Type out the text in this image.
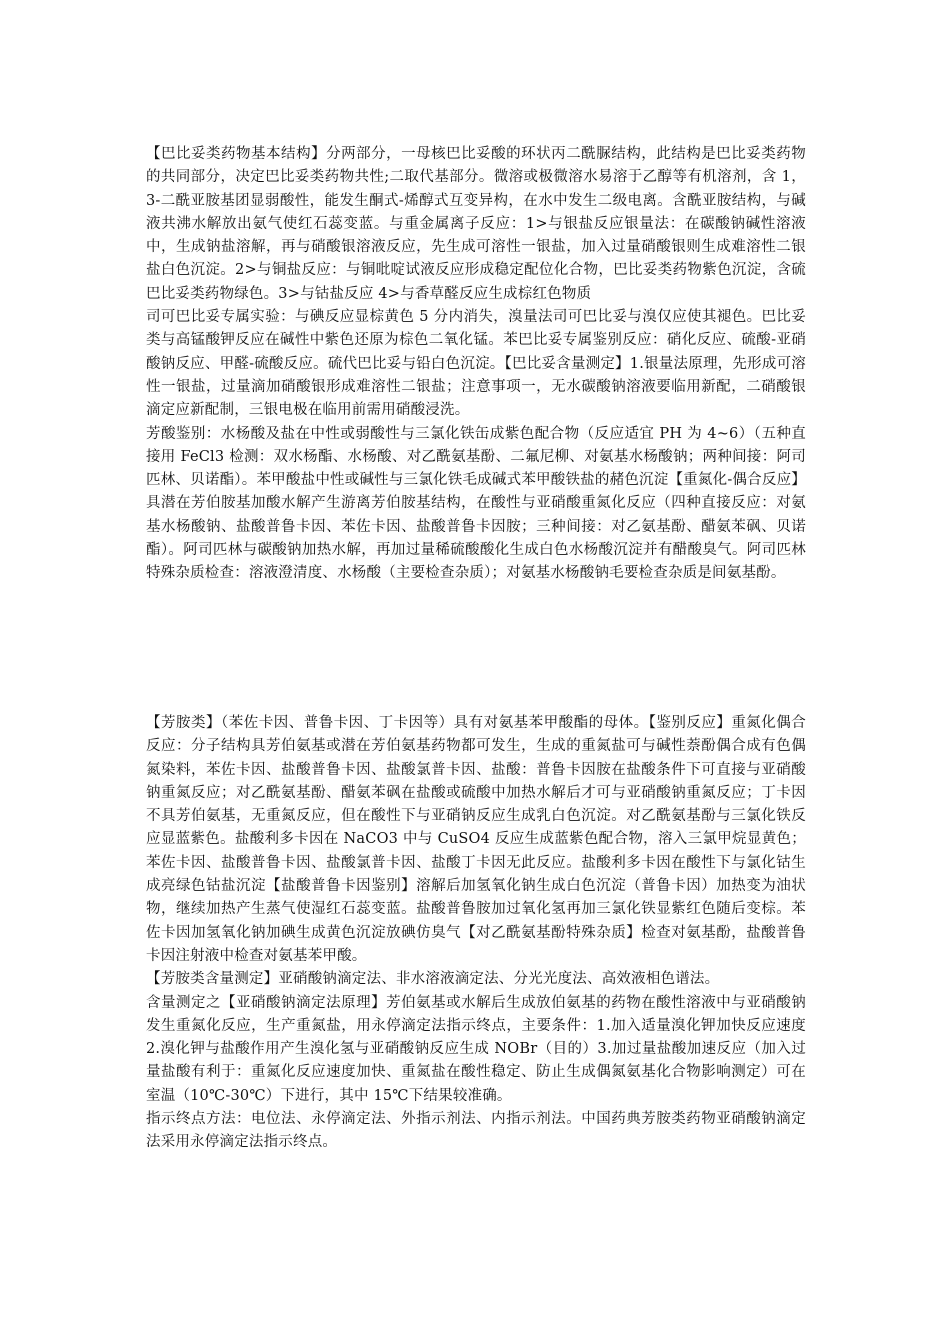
【巴比妥类药物基本结构】分两部分，一母核巴比妥酸的环状丙二酰脲结构，此结构是巴比妥类药物的共同部分，决定巴比妥类药物共性;二取代基部分。微溶或极微溶水易溶于乙醇等有机溶剂，含 1，3-二酰亚胺基团显弱酸性，能发生酮式-烯醇式互变异构，在水中发生二级电离。含酰亚胺结构，与碱液共沸水解放出氨气使红石蕊变蓝。与重金属离子反应：1>与银盐反应银量法：在碳酸钠碱性溶液中，生成钠盐溶解，再与硝酸银溶液反应，先生成可溶性一银盐，加入过量硝酸银则生成难溶性二银盐白色沉淀。2>与铜盐反应：与铜吡啶试液反应形成稳定配位化合物，巴比妥类药物紫色沉淀，含硫巴比妥类药物绿色。3>与钴盐反应 4>与香草醛反应生成棕红色物质

司可巴比妥专属实验：与碘反应显棕黄色 5 分内消失，溴量法司可巴比妥与溴仅应使其褪色。巴比妥类与高锰酸钾反应在碱性中紫色还原为棕色二氧化锰。苯巴比妥专属鉴别反应：硝化反应、硫酸-亚硝酸钠反应、甲醛-硫酸反应。硫代巴比妥与铅白色沉淀。【巴比妥含量测定】1.银量法原理，先形成可溶性一银盐，过量滴加硝酸银形成难溶性二银盐；注意事项一，无水碳酸钠溶液要临用新配，二硝酸银滴定应新配制，三银电极在临用前需用硝酸浸洗。

芳酸鉴别：水杨酸及盐在中性或弱酸性与三氯化铁缶成紫色配合物（反应适宜 PH 为 4~6）（五种直接用 FeCl3 检测：双水杨酯、水杨酸、对乙酰氨基酚、二氟尼柳、对氨基水杨酸钠；两种间接：阿司匹林、贝诺酯）。苯甲酸盐中性或碱性与三氯化铁毛成碱式苯甲酸铁盐的赭色沉淀【重氮化-偶合反应】具潜在芳伯胺基加酸水解产生游离芳伯胺基结构，在酸性与亚硝酸重氮化反应（四种直接反应：对氨基水杨酸钠、盐酸普鲁卡因、苯佐卡因、盐酸普鲁卡因胺；三种间接：对乙氨基酚、醋氨苯砜、贝诺酯）。阿司匹林与碳酸钠加热水解，再加过量稀硫酸酸化生成白色水杨酸沉淀并有醋酸臭气。阿司匹林特殊杂质检查：溶液澄清度、水杨酸（主要检查杂质）；对氨基水杨酸钠毛要检查杂质是间氨基酚。

【芳胺类】（苯佐卡因、普鲁卡因、丁卡因等）具有对氨基苯甲酸酯的母体。【鉴别反应】重氮化偶合反应：分子结构具芳伯氨基或潜在芳伯氨基药物都可发生，生成的重氮盐可与碱性萘酚偶合成有色偶氮染料，苯佐卡因、盐酸普鲁卡因、盐酸氯普卡因、盐酸：普鲁卡因胺在盐酸条件下可直接与亚硝酸钠重氮反应；对乙酰氨基酚、醋氨苯砜在盐酸或硫酸中加热水解后才可与亚硝酸钠重氮反应；丁卡因不具芳伯氨基，无重氮反应，但在酸性下与亚硝钠反应生成乳白色沉淀。对乙酰氨基酚与三氯化铁反应显蓝紫色。盐酸利多卡因在 NaCO3 中与 CuSO4 反应生成蓝紫色配合物，溶入三氯甲烷显黄色；苯佐卡因、盐酸普鲁卡因、盐酸氯普卡因、盐酸丁卡因无此反应。盐酸利多卡因在酸性下与氯化钴生成亮绿色钴盐沉淀【盐酸普鲁卡因鉴别】溶解后加氢氧化钠生成白色沉淀（普鲁卡因）加热变为油状物，继续加热产生蒸气使湿红石蕊变蓝。盐酸普鲁胺加过氧化氢再加三氯化铁显紫红色随后变棕。苯佐卡因加氢氧化钠加碘生成黄色沉淀放碘仿臭气【对乙酰氨基酚特殊杂质】检查对氨基酚，盐酸普鲁卡因注射液中检查对氨基苯甲酸。

【芳胺类含量测定】亚硝酸钠滴定法、非水溶液滴定法、分光光度法、高效液相色谱法。

含量测定之【亚硝酸钠滴定法原理】芳伯氨基或水解后生成放伯氨基的药物在酸性溶液中与亚硝酸钠发生重氮化反应，生产重氮盐，用永停滴定法指示终点，主要条件：1.加入适量溴化钾加快反应速度 2.溴化钾与盐酸作用产生溴化氢与亚硝酸钠反应生成 NOBr（目的）3.加过量盐酸加速反应（加入过量盐酸有利于：重氮化反应速度加快、重氮盐在酸性稳定、防止生成偶氮氨基化合物影响测定）可在室温（10℃-30℃）下进行，其中 15℃下结果较准确。

指示终点方法：电位法、永停滴定法、外指示剂法、内指示剂法。中国药典芳胺类药物亚硝酸钠滴定法采用永停滴定法指示终点。
